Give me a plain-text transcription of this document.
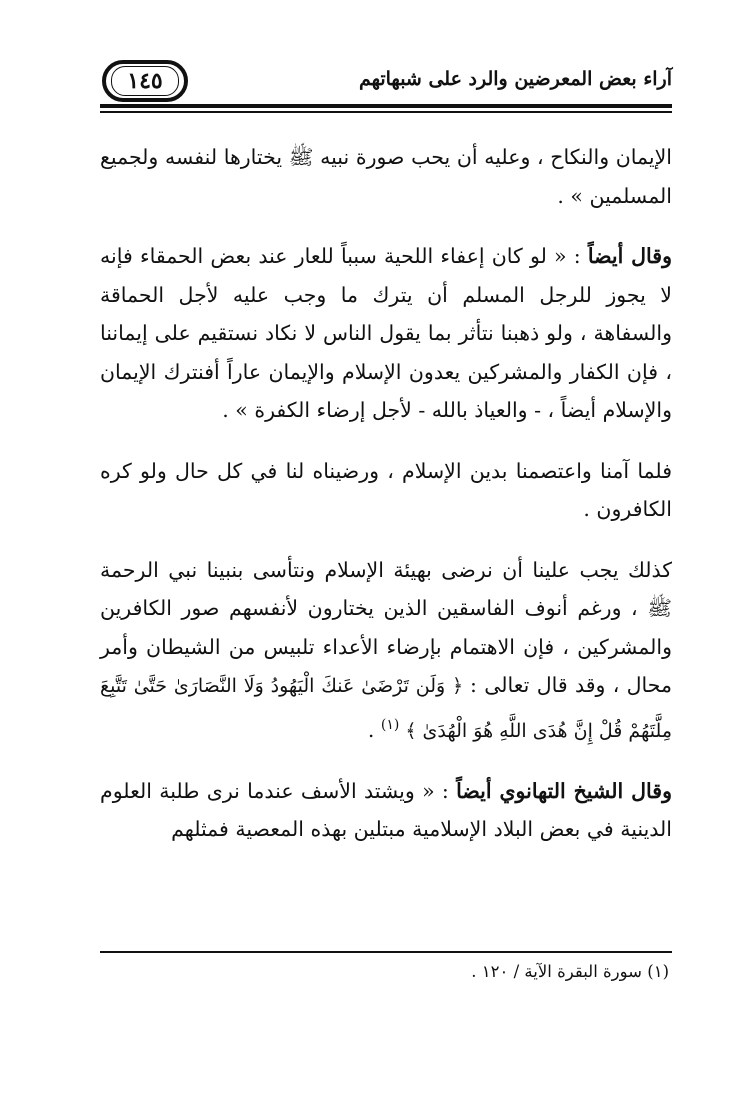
١٤٥	آراء بعض المعرضين والرد على شبهاتهم

الإيمان والنكاح ، وعليه أن يحب صورة نبيه ﷺ يختارها لنفسه ولجميع المسلمين » .

وقال أيضاً : « لو كان إعفاء اللحية سبباً للعار عند بعض الحمقاء فإنه لا يجوز للرجل المسلم أن يترك ما وجب عليه لأجل الحماقة والسفاهة ، ولو ذهبنا نتأثر بما يقول الناس لا نكاد نستقيم على إيماننا ، فإن الكفار والمشركين يعدون الإسلام والإيمان عاراً أفنترك الإيمان والإسلام أيضاً ، - والعياذ بالله - لأجل إرضاء الكفرة » .

فلما آمنا واعتصمنا بدين الإسلام ، ورضيناه لنا في كل حال ولو كره الكافرون .

كذلك يجب علينا أن نرضى بهيئة الإسلام ونتأسى بنبينا نبي الرحمة ﷺ ، ورغم أنوف الفاسقين الذين يختارون لأنفسهم صور الكافرين والمشركين ، فإن الاهتمام بإرضاء الأعداء تلبيس من الشيطان وأمر محال ، وقد قال تعالى : ﴿ وَلَن تَرْضَىٰ عَنكَ الْيَهُودُ وَلَا النَّصَارَىٰ حَتَّىٰ تَتَّبِعَ مِلَّتَهُمْ قُلْ إِنَّ هُدَى اللَّهِ هُوَ الْهُدَىٰ ﴾ $^{(١)}$ .

وقال الشيخ التهانوي أيضاً : « ويشتد الأسف عندما نرى طلبة العلوم الدينية في بعض البلاد الإسلامية مبتلين بهذه المعصية فمثلهم

(١) سورة البقرة الآية / ١٢٠ .
